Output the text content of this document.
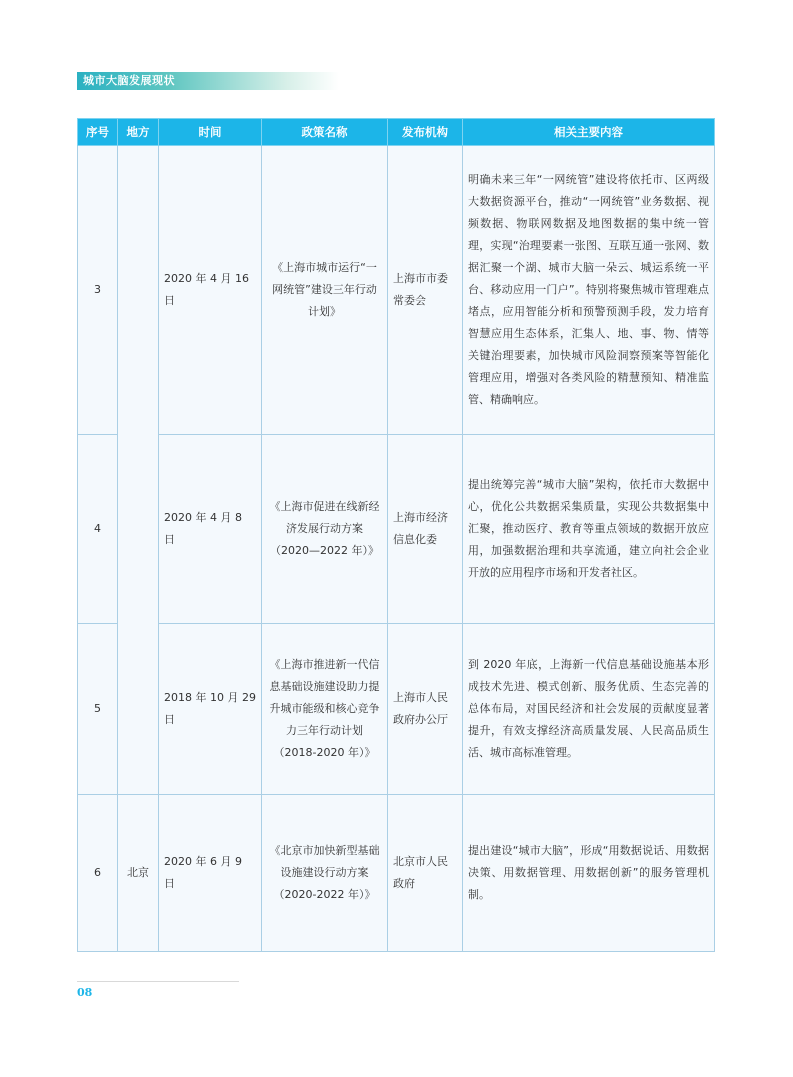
城市大脑发展现状
序号	地方	时间	政策名称	发布机构	相关主要内容
3		2020 年 4 月 16 日	《上海市城市运行“一网统管”建设三年行动计划》	上海市市委常委会	明确未来三年“一网统管”建设将依托市、区两级大数据资源平台，推动“一网统管”业务数据、视频数据、物联网数据及地图数据的集中统一管理，实现“治理要素一张图、互联互通一张网、数据汇聚一个湖、城市大脑一朵云、城运系统一平台、移动应用一门户”。特别将聚焦城市管理难点堵点，应用智能分析和预警预测手段，发力培育智慧应用生态体系，汇集人、地、事、物、情等关键治理要素，加快城市风险洞察预案等智能化管理应用，增强对各类风险的精慧预知、精准监管、精确响应。
4		2020 年 4 月 8 日	《上海市促进在线新经济发展行动方案（2020—2022 年）》	上海市经济信息化委	提出统筹完善“城市大脑”架构，依托市大数据中心，优化公共数据采集质量，实现公共数据集中汇聚，推动医疗、教育等重点领域的数据开放应用，加强数据治理和共享流通，建立向社会企业开放的应用程序市场和开发者社区。
5		2018 年 10 月 29 日	《上海市推进新一代信息基础设施建设助力提升城市能级和核心竞争力三年行动计划（2018-2020 年）》	上海市人民政府办公厅	到 2020 年底，上海新一代信息基础设施基本形成技术先进、模式创新、服务优质、生态完善的总体布局，对国民经济和社会发展的贡献度显著提升，有效支撑经济高质量发展、人民高品质生活、城市高标准管理。
6	北京	2020 年 6 月 9 日	《北京市加快新型基础设施建设行动方案（2020-2022 年）》	北京市人民政府	提出建设“城市大脑”，形成“用数据说话、用数据决策、用数据管理、用数据创新”的服务管理机制。
08
